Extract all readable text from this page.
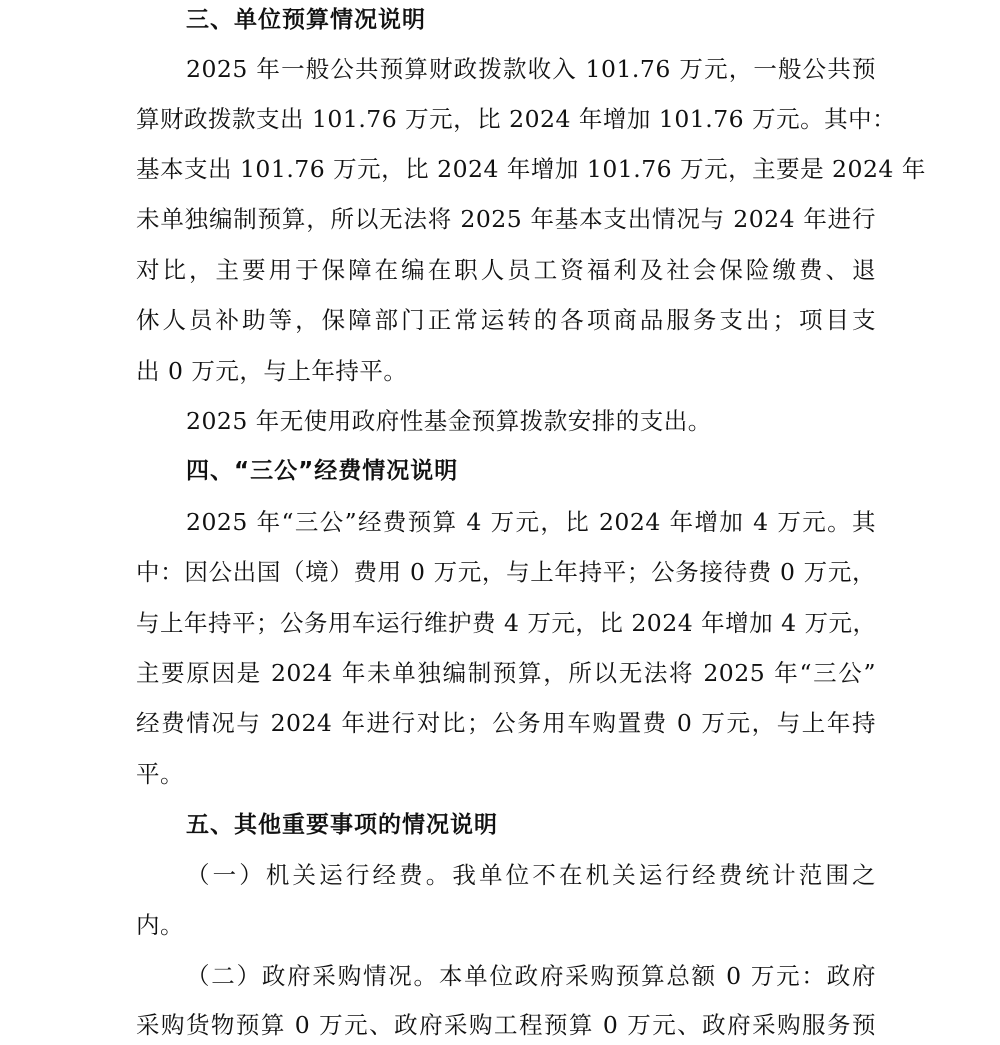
三、单位预算情况说明
2025 年一般公共预算财政拨款收入 101.76 万元，一般公共预
算财政拨款支出 101.76 万元，比 2024 年增加 101.76 万元。其中：
基本支出 101.76 万元，比 2024 年增加 101.76 万元，主要是 2024 年
未单独编制预算，所以无法将 2025 年基本支出情况与 2024 年进行
对比，主要用于保障在编在职人员工资福利及社会保险缴费、退
休人员补助等，保障部门正常运转的各项商品服务支出；项目支
出 0 万元，与上年持平。
2025 年无使用政府性基金预算拨款安排的支出。
四、“三公”经费情况说明
2025 年“三公”经费预算 4 万元，比 2024 年增加 4 万元。其
中：因公出国（境）费用 0 万元，与上年持平；公务接待费 0 万元，
与上年持平；公务用车运行维护费 4 万元，比 2024 年增加 4 万元，
主要原因是 2024 年未单独编制预算，所以无法将 2025 年“三公”
经费情况与 2024 年进行对比；公务用车购置费 0 万元，与上年持
平。
五、其他重要事项的情况说明
（一）机关运行经费。我单位不在机关运行经费统计范围之
内。
（二）政府采购情况。本单位政府采购预算总额 0 万元：政府
采购货物预算 0 万元、政府采购工程预算 0 万元、政府采购服务预
